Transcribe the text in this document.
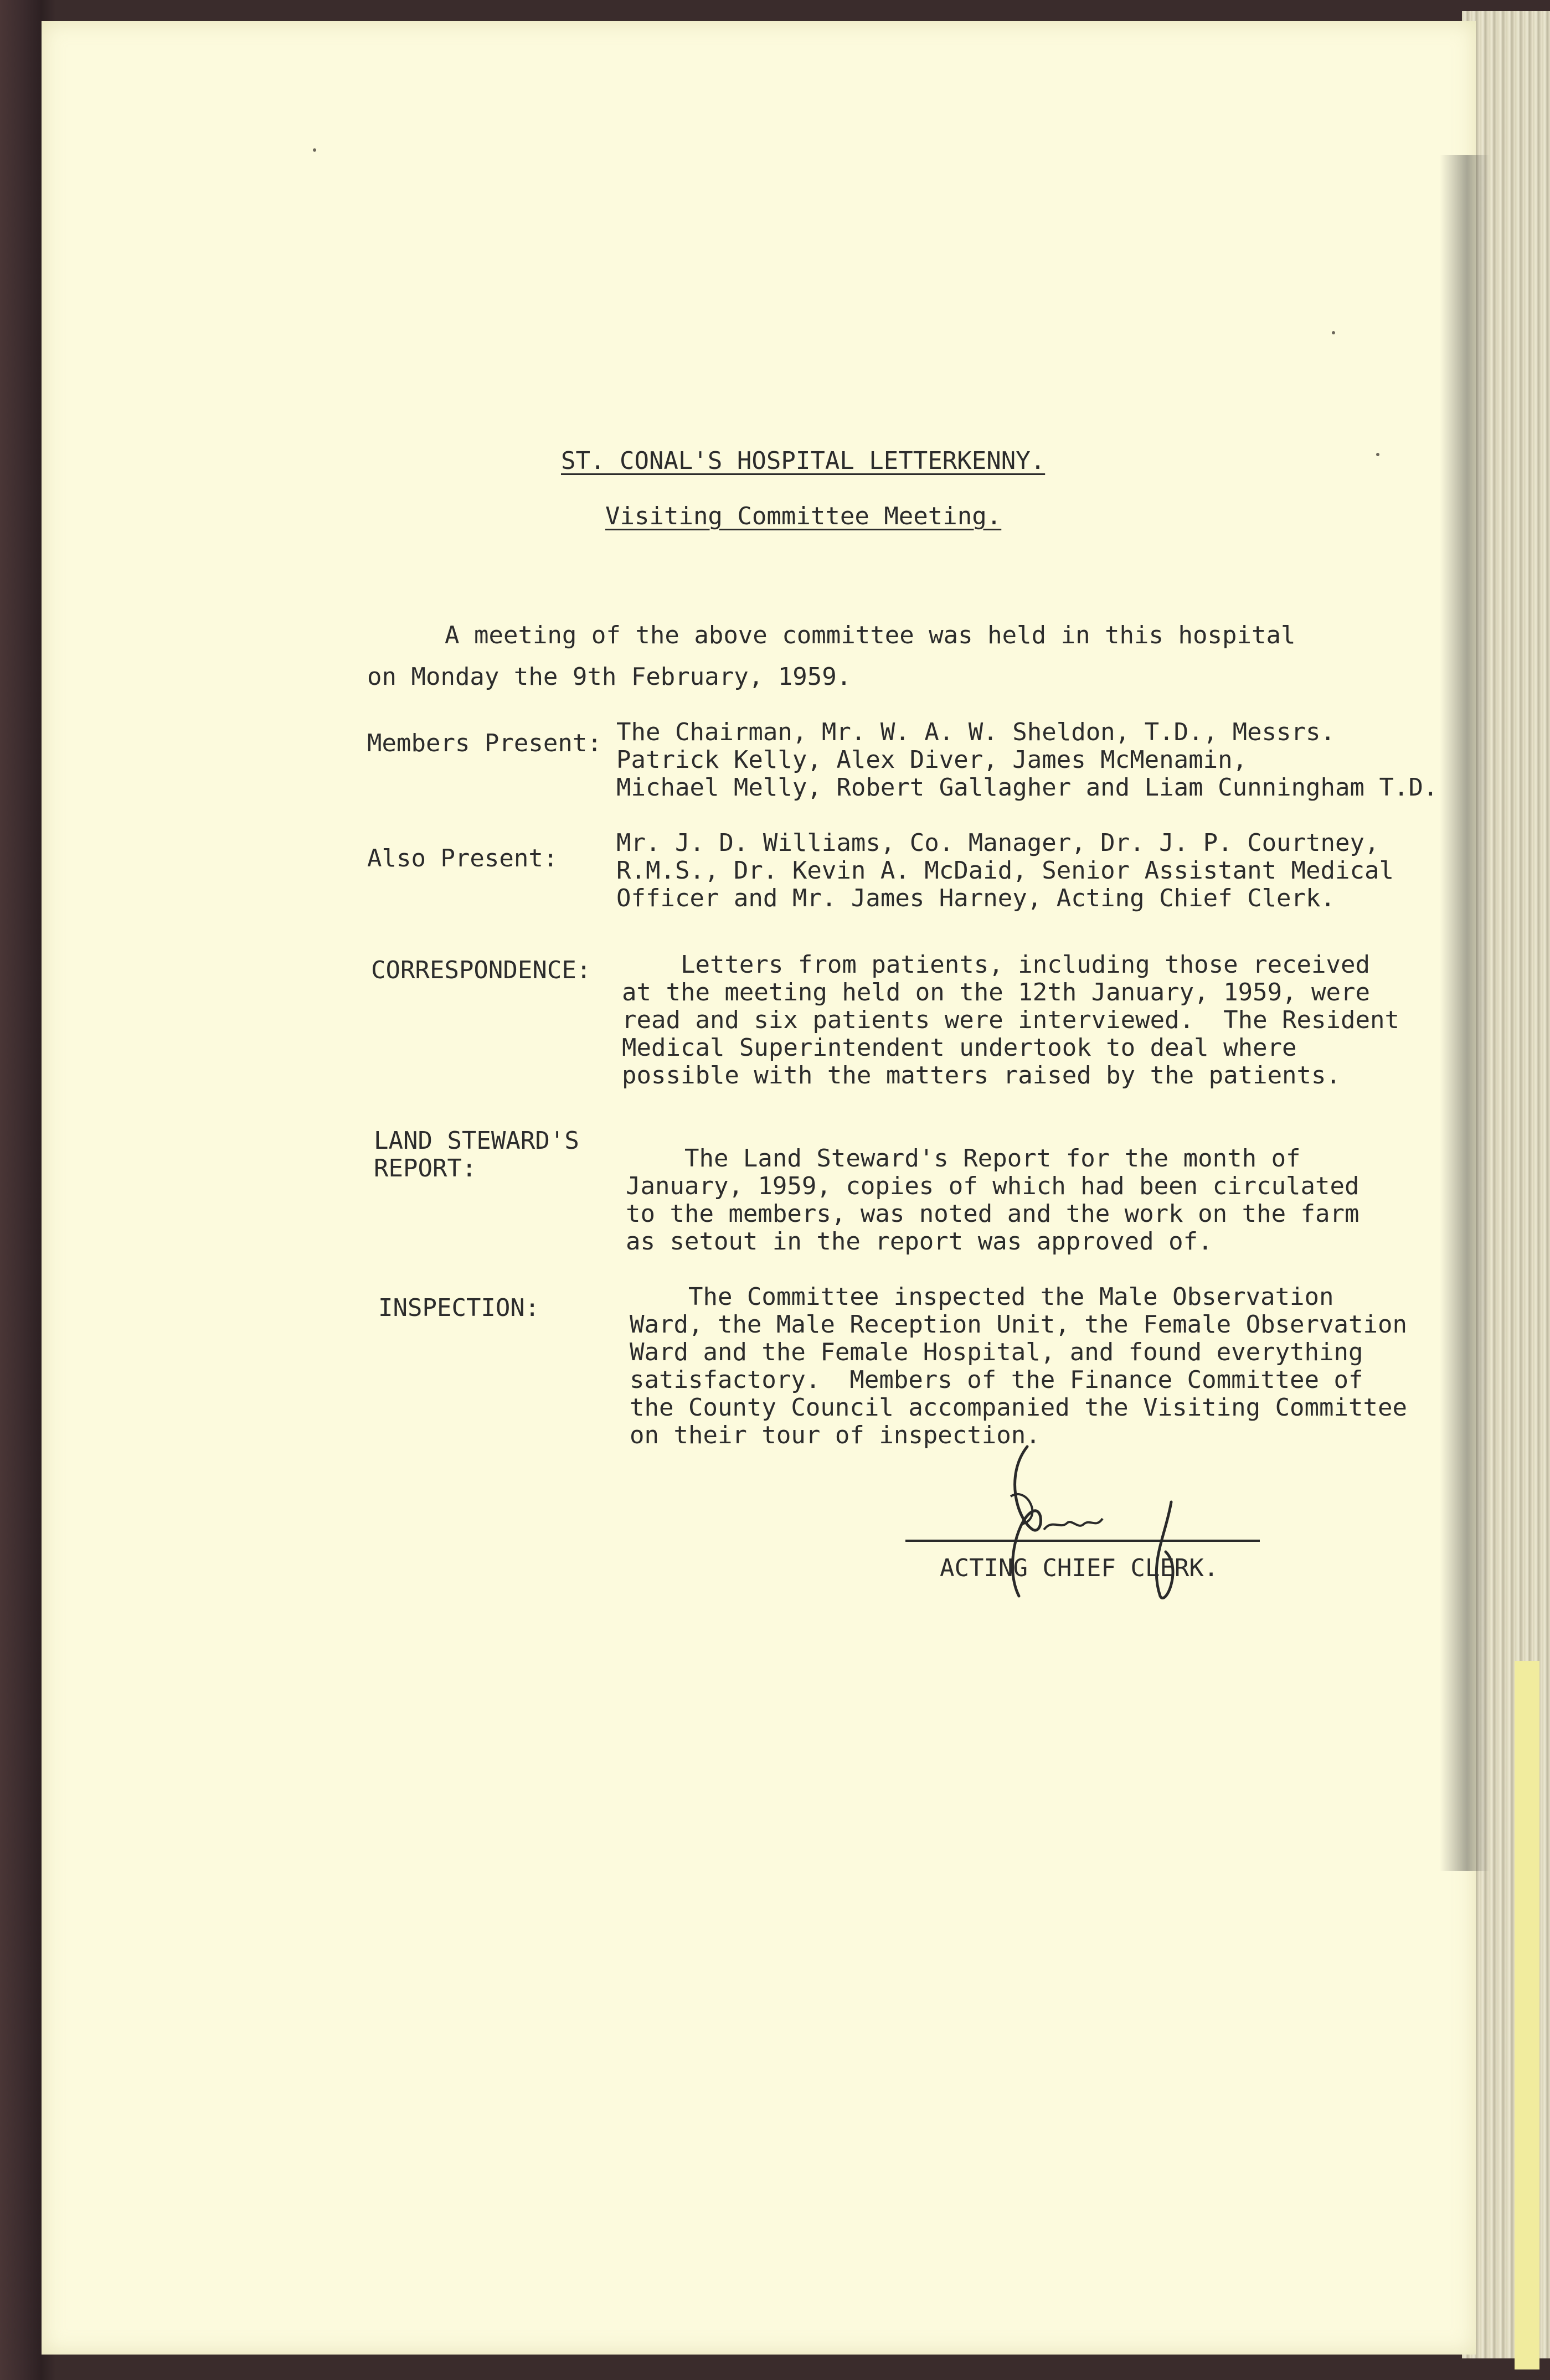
ST. CONAL'S HOSPITAL LETTERKENNY.

Visiting Committee Meeting.

A meeting of the above committee was held in this hospital

on Monday the 9th February, 1959.

Members Present: The Chairman, Mr. W. A. W. Sheldon, T.D., Messrs.

Patrick Kelly, Alex Diver, James McMenamin,

Michael Melly, Robert Gallagher and Liam Cunningham T.D.

Also Present:

Mr. J. D. Williams, Co. Manager, Dr. J. P. Courtney,

R.M.S., Dr. Kevin A. McDaid, Senior Assistant Medical

Officer and Mr. James Harney, Acting Chief Clerk.

CORRESPONDENCE: Letters from patients, including those received

at the meeting held on the 12th January, 1959, were

read and six patients were interviewed.  The Resident

Medical Superintendent undertook to deal where

possible with the matters raised by the patients.

LAND STEWARD'S
REPORT:	The Land Steward's Report for the month of

January, 1959, copies of which had been circulated

to the members, was noted and the work on the farm

as setout in the report was approved of.

INSPECTION:	The Committee inspected the Male Observation

Ward, the Male Reception Unit, the Female Observation

Ward and the Female Hospital, and found everything

satisfactory.  Members of the Finance Committee of

the County Council accompanied the Visiting Committee

on their tour of inspection.

ACTING CHIEF CLERK.
